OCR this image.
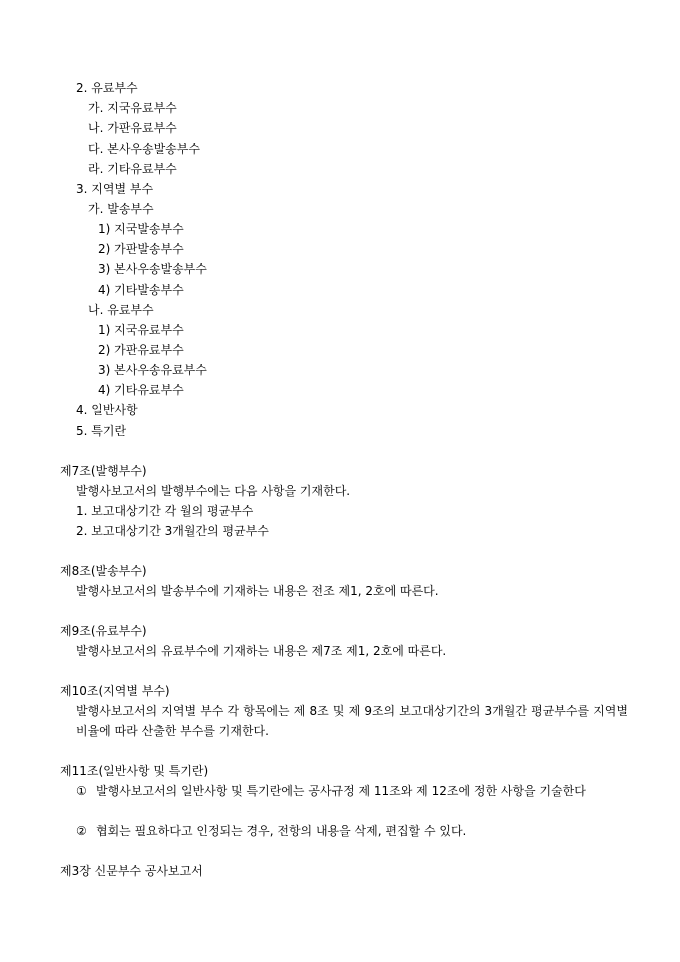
2. 유료부수
가. 지국유료부수
나. 가판유료부수
다. 본사우송발송부수
라. 기타유료부수
3. 지역별 부수
가. 발송부수
1) 지국발송부수
2) 가판발송부수
3) 본사우송발송부수
4) 기타발송부수
나. 유료부수
1) 지국유료부수
2) 가판유료부수
3) 본사우송유료부수
4) 기타유료부수
4. 일반사항
5. 특기란
제7조(발행부수)
발행사보고서의 발행부수에는 다음 사항을 기재한다.
1. 보고대상기간 각 월의 평균부수
2. 보고대상기간 3개월간의 평균부수
제8조(발송부수)
발행사보고서의 발송부수에 기재하는 내용은 전조 제1, 2호에 따른다.
제9조(유료부수)
발행사보고서의 유료부수에 기재하는 내용은 제7조 제1, 2호에 따른다.
제10조(지역별 부수)
발행사보고서의 지역별 부수 각 항목에는 제 8조 및 제 9조의 보고대상기간의 3개월간 평균부수를 지역별 비율에 따라 산출한 부수를 기재한다.
제11조(일반사항 및 특기란)
① 발행사보고서의 일반사항 및 특기란에는 공사규정 제 11조와 제 12조에 정한 사항을 기술한다
② 협회는 필요하다고 인정되는 경우, 전항의 내용을 삭제, 편집할 수 있다.
제3장 신문부수 공사보고서
